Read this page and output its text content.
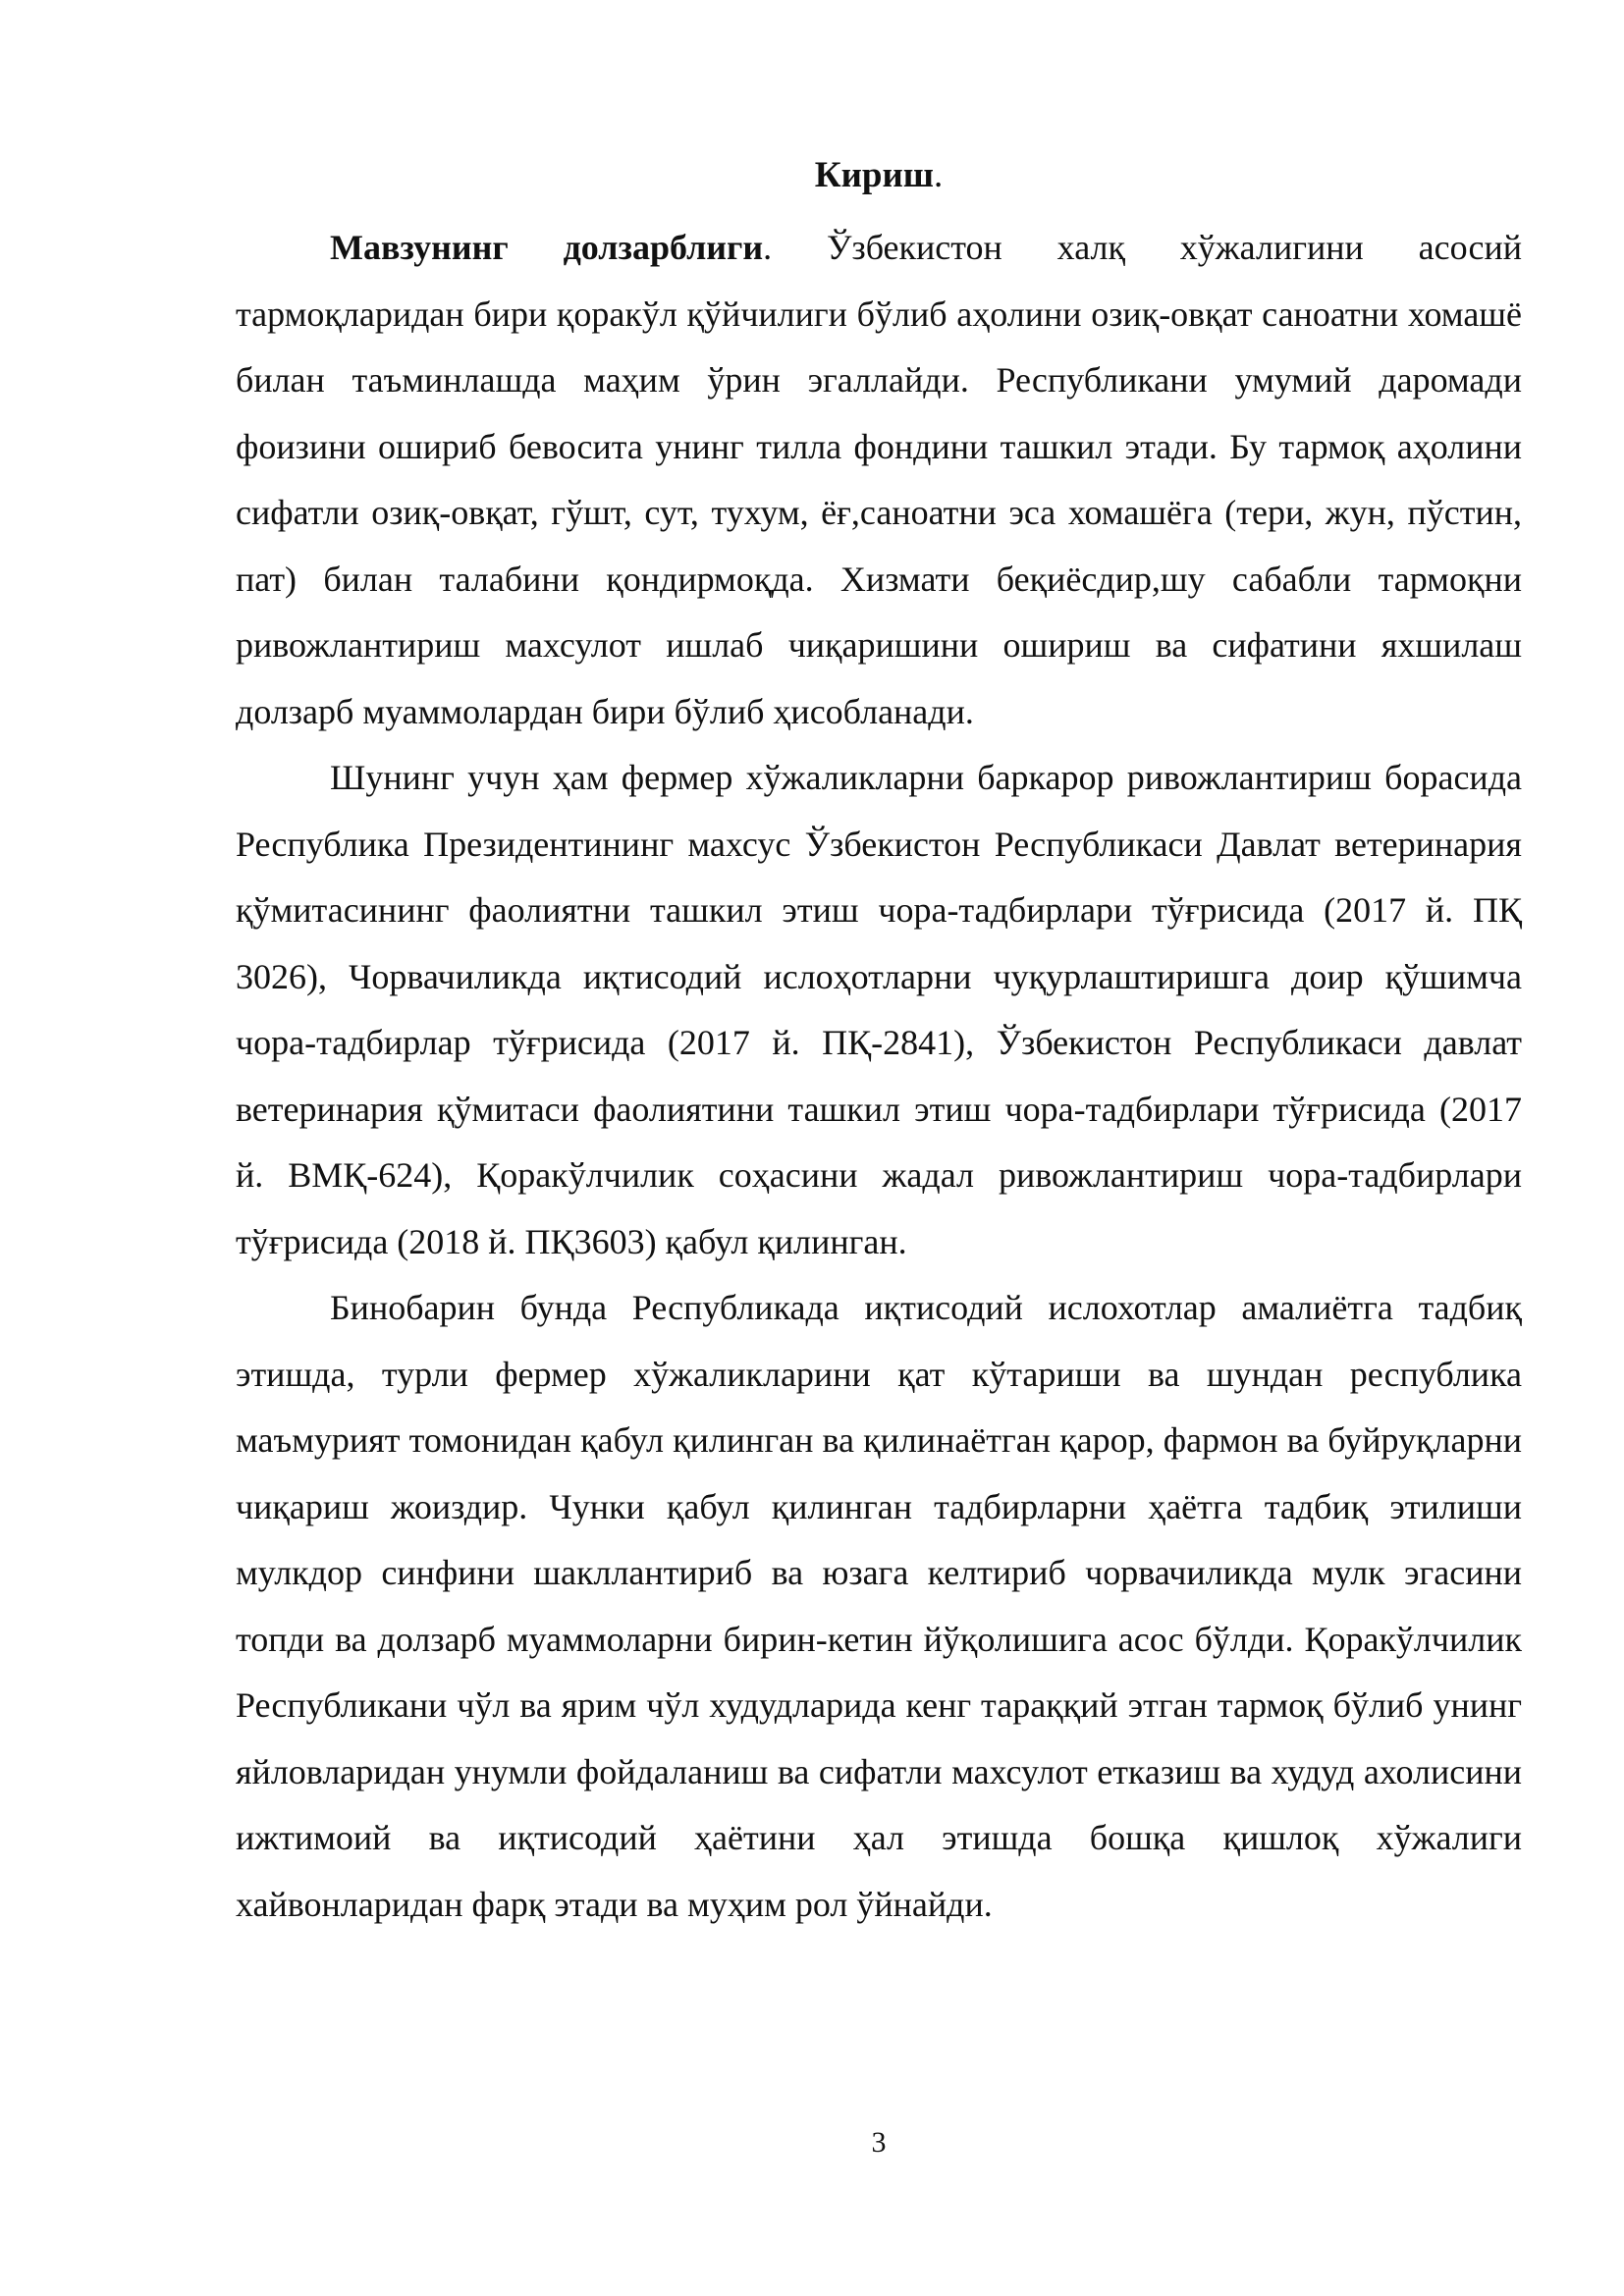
Кириш.

Мавзунинг долзарблиги. Ўзбекистон халқ хўжалигини асосий тармоқларидан бири қоракўл қўйчилиги бўлиб аҳолини озиқ-овқат саноатни хомашё билан таъминлашда маҳим ўрин эгаллайди. Республикани умумий даромади фоизини ошириб бевосита унинг тилла фондини ташкил этади. Бу тармоқ аҳолини сифатли озиқ-овқат, гўшт, сут, тухум, ёғ,саноатни эса хомашёга (тери, жун, пўстин, пат) билан талабини қондирмоқда. Хизмати беқиёсдир,шу сабабли тармоқни ривожлантириш махсулот ишлаб чиқаришини ошириш ва сифатини яхшилаш долзарб муаммолардан бири бўлиб ҳисобланади.

Шунинг учун ҳам фермер хўжаликларни баркарор ривожлантириш борасида Республика Президентининг махсус Ўзбекистон Республикаси Давлат ветеринария қўмитасининг фаолиятни ташкил этиш чора-тадбирлари тўғрисида (2017 й. ПҚ 3026), Чорвачиликда иқтисодий ислоҳотларни чуқурлаштиришга доир қўшимча чора-тадбирлар тўғрисида (2017 й. ПҚ-2841), Ўзбекистон Республикаси давлат ветеринария қўмитаси фаолиятини ташкил этиш чора-тадбирлари тўғрисида (2017 й. ВМҚ-624), Қоракўлчилик соҳасини жадал ривожлантириш чора-тадбирлари тўғрисида (2018 й. ПҚ3603) қабул қилинган.

Бинобарин бунда Республикада иқтисодий ислохотлар амалиётга тадбиқ этишда, турли фермер хўжаликларини қат кўтариши ва шундан республика маъмурият томонидан қабул қилинган ва қилинаётган қарор, фармон ва буйруқларни чиқариш жоиздир. Чунки қабул қилинган тадбирларни ҳаётга тадбиқ этилиши мулкдор синфини шакллантириб ва юзага келтириб чорвачиликда мулк эгасини топди ва долзарб муаммоларни бирин-кетин йўқолишига асос бўлди. Қоракўлчилик Республикани чўл ва ярим чўл худудларида кенг тараққий этган тармоқ бўлиб унинг яйловларидан унумли фойдаланиш ва сифатли махсулот етказиш ва худуд ахолисини ижтимоий ва иқтисодий ҳаётини ҳал этишда бошқа қишлоқ хўжалиги хайвонларидан фарқ этади ва муҳим рол ўйнайди.

3
